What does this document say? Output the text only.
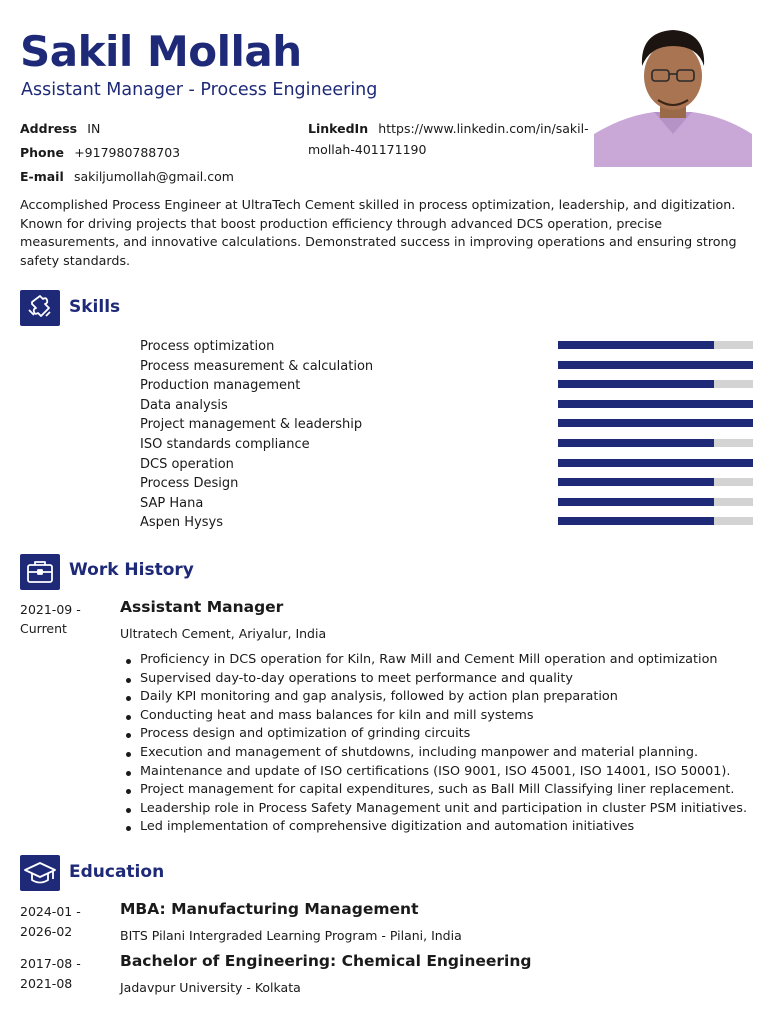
Sakil Mollah
Assistant Manager - Process Engineering
Address IN
Phone +917980788703
E-mail sakiljumollah@gmail.com
LinkedIn https://www.linkedin.com/in/sakil-
mollah-401171190
Accomplished Process Engineer at UltraTech Cement skilled in process optimization, leadership, and digitization. Known for driving projects that boost production efficiency through advanced DCS operation, precise measurements, and innovative calculations. Demonstrated success in improving operations and ensuring strong safety standards.
Skills
Process optimization
Process measurement & calculation
Production management
Data analysis
Project management & leadership
ISO standards compliance
DCS operation
Process Design
SAP Hana
Aspen Hysys
Work History
2021-09 -
Current
Assistant Manager
Ultratech Cement, Ariyalur, India
Proficiency in DCS operation for Kiln, Raw Mill and Cement Mill operation and optimization
Supervised day-to-day operations to meet performance and quality
Daily KPI monitoring and gap analysis, followed by action plan preparation
Conducting heat and mass balances for kiln and mill systems
Process design and optimization of grinding circuits
Execution and management of shutdowns, including manpower and material planning.
Maintenance and update of ISO certifications (ISO 9001, ISO 45001, ISO 14001, ISO 50001).
Project management for capital expenditures, such as Ball Mill Classifying liner replacement.
Leadership role in Process Safety Management unit and participation in cluster PSM initiatives.
Led implementation of comprehensive digitization and automation initiatives
Education
2024-01 -
2026-02
MBA: Manufacturing Management
BITS Pilani Intergraded Learning Program - Pilani, India
2017-08 -
2021-08
Bachelor of Engineering: Chemical Engineering
Jadavpur University - Kolkata
